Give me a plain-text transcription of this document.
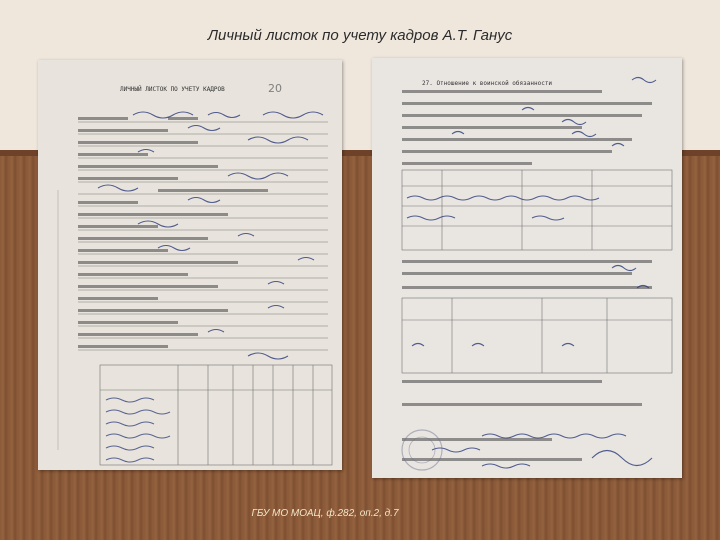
Личный листок по учету кадров А.Т. Ганус
20
ЛИЧНЫЙ ЛИСТОК ПО УЧЕТУ КАДРОВ
27. Отношение к воинской обязанности
ГБУ МО МОАЦ, ф.282, оп.2, д.7
